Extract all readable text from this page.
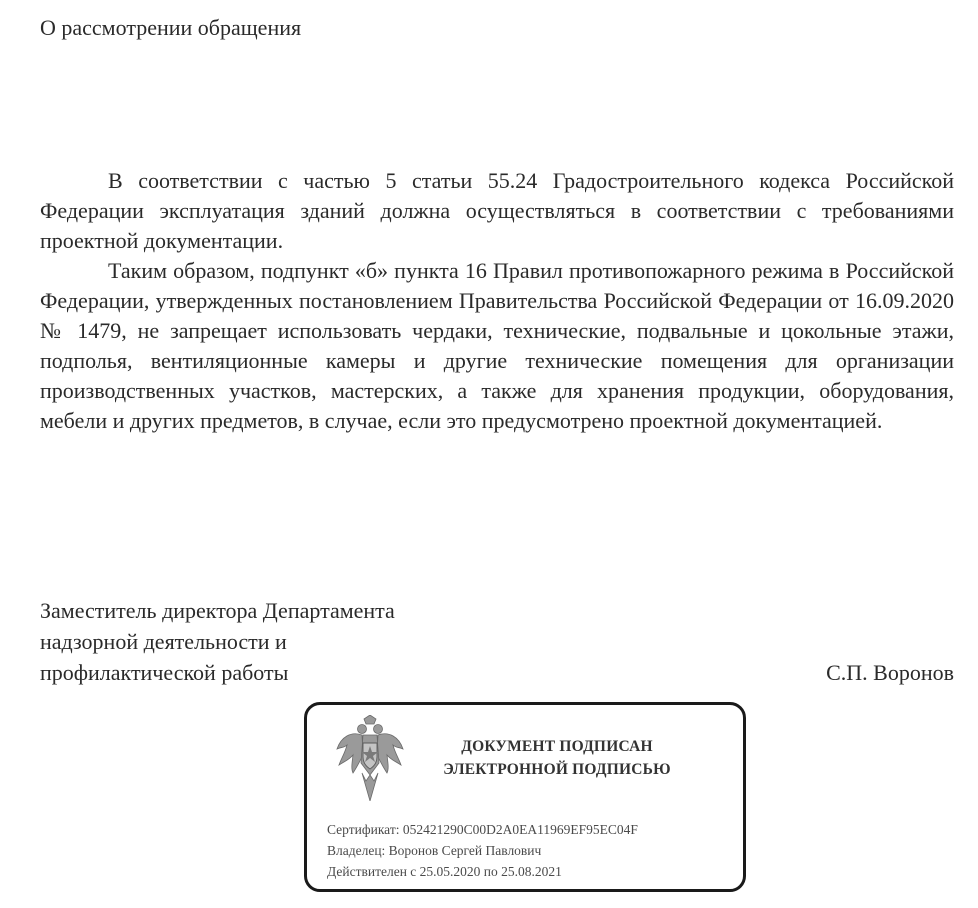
О рассмотрении обращения

В соответствии с частью 5 статьи 55.24 Градостроительного кодекса Российской Федерации эксплуатация зданий должна осуществляться в соответствии с требованиями проектной документации.

Таким образом, подпункт «б» пункта 16 Правил противопожарного режима в Российской Федерации, утвержденных постановлением Правительства Российской Федерации от 16.09.2020 № 1479, не запрещает использовать чердаки, технические, подвальные и цокольные этажи, подполья, вентиляционные камеры и другие технические помещения для организации производственных участков, мастерских, а также для хранения продукции, оборудования, мебели и других предметов, в случае, если это предусмотрено проектной документацией.

Заместитель директора Департамента
надзорной деятельности и
профилактической работы	С.П. Воронов
ДОКУМЕНТ ПОДПИСАН
ЭЛЕКТРОННОЙ ПОДПИСЬЮ
Сертификат: 052421290C00D2A0EA11969EF95EC04F
Владелец: Воронов Сергей Павлович
Действителен с 25.05.2020 по 25.08.2021
